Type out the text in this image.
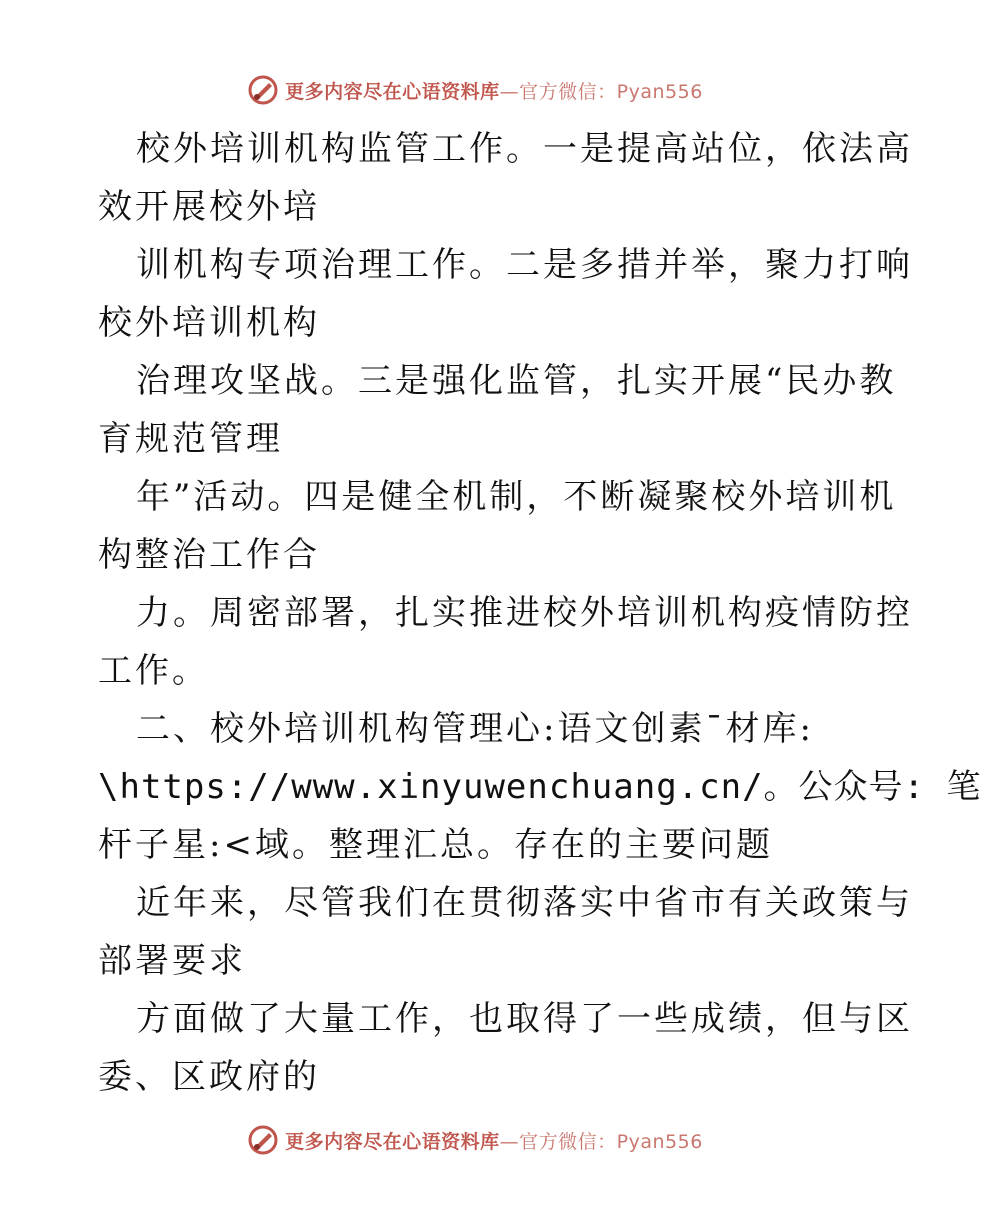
更多内容尽在心语资料库—官方微信：Pyan556
校外培训机构监管工作。一是提高站位，依法高
效开展校外培
训机构专项治理工作。二是多措并举，聚力打响
校外培训机构
治理攻坚战。三是强化监管，扎实开展“民办教
育规范管理
年”活动。四是健全机制，不断凝聚校外培训机
构整治工作合
力。周密部署，扎实推进校外培训机构疫情防控
工作。
二、校外培训机构管理心:语文创素¯材库:
\https://www.xinyuwenchuang.cn/。公众号: 笔
杆子星:<域。整理汇总。存在的主要问题
近年来，尽管我们在贯彻落实中省市有关政策与
部署要求
方面做了大量工作，也取得了一些成绩，但与区
委、区政府的
更多内容尽在心语资料库—官方微信：Pyan556
